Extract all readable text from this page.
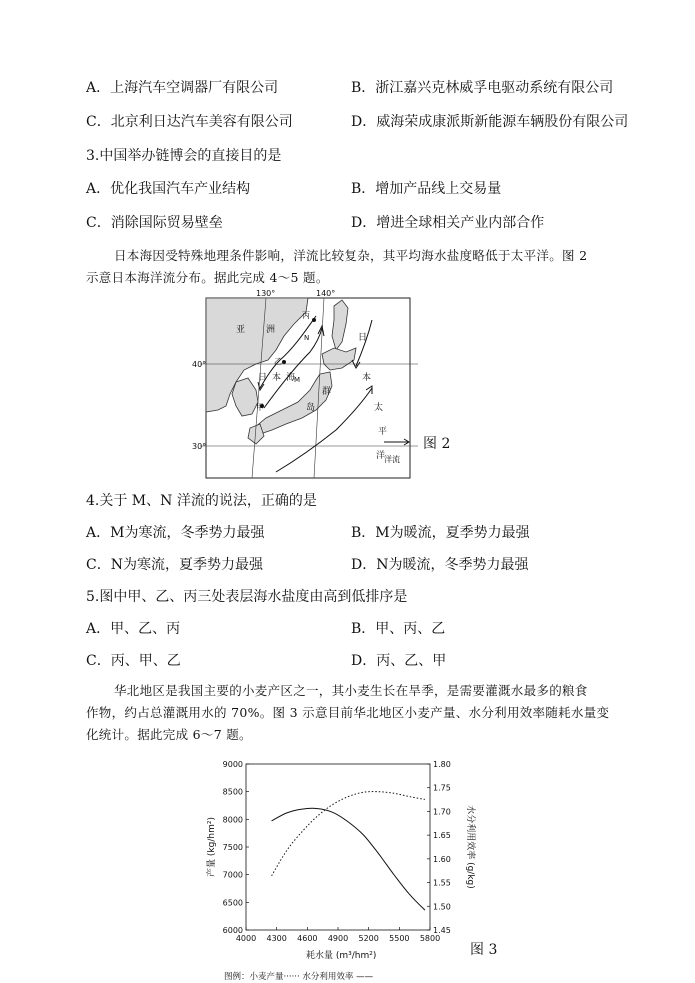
A．上海汽车空调器厂有限公司	B．浙江嘉兴克林威孚电驱动系统有限公司
C．北京利日达汽车美容有限公司	D．威海荣成康派斯新能源车辆股份有限公司
3.中国举办链博会的直接目的是
A．优化我国汽车产业结构	B．增加产品线上交易量
C．消除国际贸易壁垒	D．增进全球相关产业内部合作
日本海因受特殊地理条件影响，洋流比较复杂，其平均海水盐度略低于太平洋。图 2
示意日本海洋流分布。据此完成 4～5 题。
130°	140°
40°
30°
亚 洲
日 本 海
日
本
群
岛	太
平
洋
甲
乙
丙
M
N
洋流
图 2
4.关于 M、N 洋流的说法，正确的是
A．M为寒流，冬季势力最强	B．M为暖流，夏季势力最强
C．N为寒流，夏季势力最强	D．N为暖流，冬季势力最强
5.图中甲、乙、丙三处表层海水盐度由高到低排序是
A．甲、乙、丙	B．甲、丙、乙
C．丙、甲、乙	D．丙、乙、甲
华北地区是我国主要的小麦产区之一，其小麦生长在旱季，是需要灌溉水最多的粮食
作物，约占总灌溉用水的 70%。图 3 示意目前华北地区小麦产量、水分利用效率随耗水量变
化统计。据此完成 6～7 题。
4000 4300 4600 4900 5200 5500 5800
6000
6500
7000
7500
8000
8500
9000
1.45
1.50
1.55
1.60
1.65
1.70
1.75
1.80
耗水量 (m³/hm²)
产量 (kg/hm²)	水分利用效率 (g/kg)
图例：小麦产量······ 水分利用效率 ——
图 3
